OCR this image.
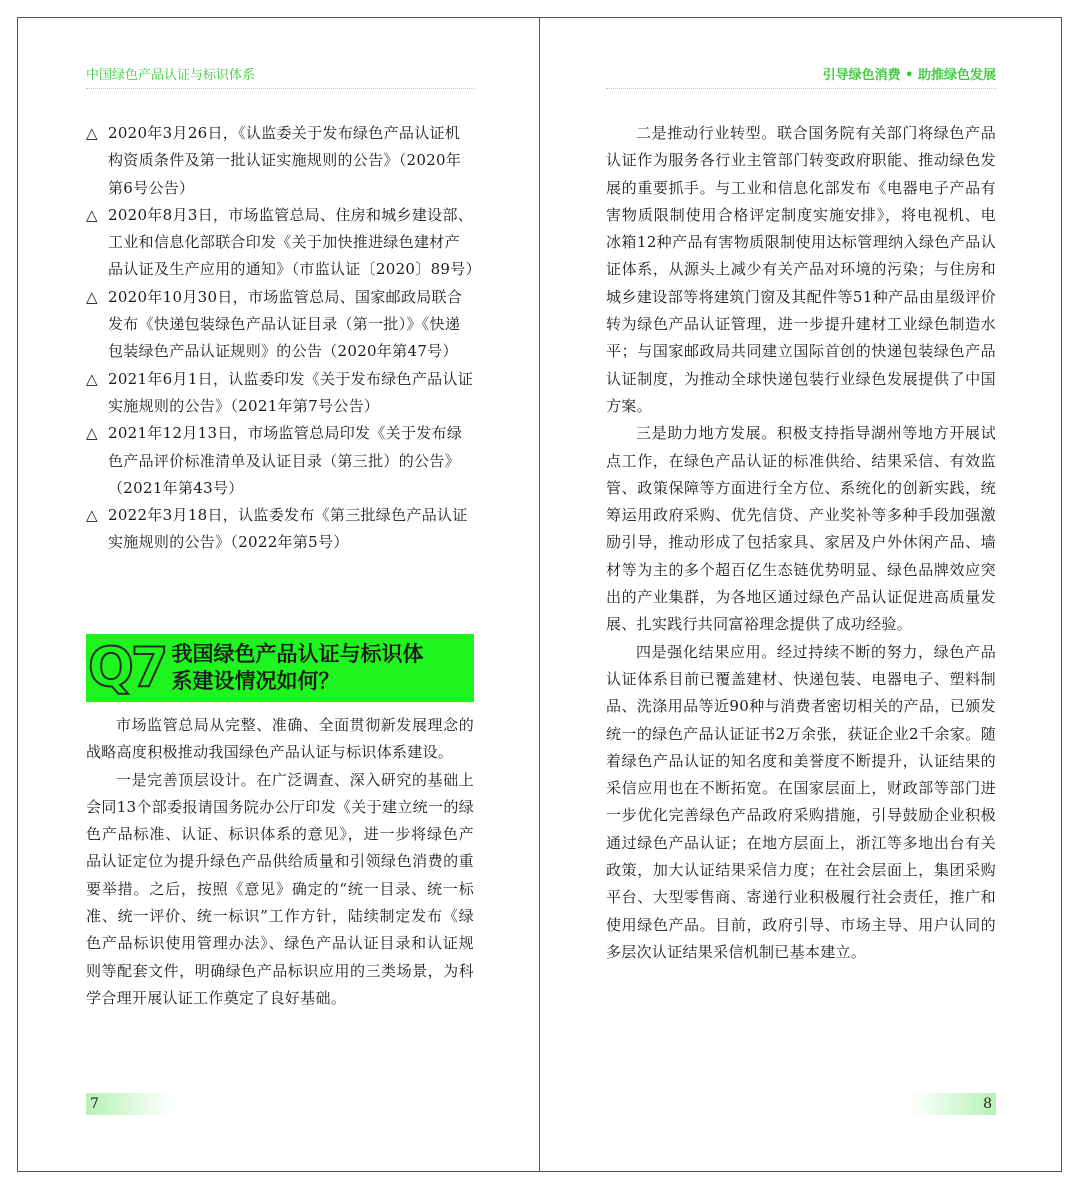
中国绿色产品认证与标识体系
△ 2020年3月26日，《认监委关于发布绿色产品认证机构资质条件及第一批认证实施规则的公告》（2020年第6号公告）
△ 2020年8月3日，市场监管总局、住房和城乡建设部、工业和信息化部联合印发《关于加快推进绿色建材产品认证及生产应用的通知》（市监认证〔2020〕89号）
△ 2020年10月30日，市场监管总局、国家邮政局联合发布《快递包装绿色产品认证目录（第一批）》《快递包装绿色产品认证规则》的公告（2020年第47号）
△ 2021年6月1日，认监委印发《关于发布绿色产品认证实施规则的公告》（2021年第7号公告）
△ 2021年12月13日，市场监管总局印发《关于发布绿色产品评价标准清单及认证目录（第三批）的公告》（2021年第43号）
△ 2022年3月18日，认监委发布《第三批绿色产品认证实施规则的公告》（2022年第5号）
Q7 我国绿色产品认证与标识体
系建设情况如何？

市场监管总局从完整、准确、全面贯彻新发展理念的战略高度积极推动我国绿色产品认证与标识体系建设。

一是完善顶层设计。在广泛调查、深入研究的基础上会同13个部委报请国务院办公厅印发《关于建立统一的绿色产品标准、认证、标识体系的意见》，进一步将绿色产品认证定位为提升绿色产品供给质量和引领绿色消费的重要举措。之后，按照《意见》确定的“统一目录、统一标准、统一评价、统一标识”工作方针，陆续制定发布《绿色产品标识使用管理办法》、绿色产品认证目录和认证规则等配套文件，明确绿色产品标识应用的三类场景，为科学合理开展认证工作奠定了良好基础。

7
引导绿色消费 • 助推绿色发展

二是推动行业转型。联合国务院有关部门将绿色产品认证作为服务各行业主管部门转变政府职能、推动绿色发展的重要抓手。与工业和信息化部发布《电器电子产品有害物质限制使用合格评定制度实施安排》，将电视机、电冰箱12种产品有害物质限制使用达标管理纳入绿色产品认证体系，从源头上减少有关产品对环境的污染；与住房和城乡建设部等将建筑门窗及其配件等51种产品由星级评价转为绿色产品认证管理，进一步提升建材工业绿色制造水平；与国家邮政局共同建立国际首创的快递包装绿色产品认证制度，为推动全球快递包装行业绿色发展提供了中国方案。

三是助力地方发展。积极支持指导湖州等地方开展试点工作，在绿色产品认证的标准供给、结果采信、有效监管、政策保障等方面进行全方位、系统化的创新实践，统筹运用政府采购、优先信贷、产业奖补等多种手段加强激励引导，推动形成了包括家具、家居及户外休闲产品、墙材等为主的多个超百亿生态链优势明显、绿色品牌效应突出的产业集群，为各地区通过绿色产品认证促进高质量发展、扎实践行共同富裕理念提供了成功经验。

四是强化结果应用。经过持续不断的努力，绿色产品认证体系目前已覆盖建材、快递包装、电器电子、塑料制品、洗涤用品等近90种与消费者密切相关的产品，已颁发统一的绿色产品认证证书2万余张，获证企业2千余家。随着绿色产品认证的知名度和美誉度不断提升，认证结果的采信应用也在不断拓宽。在国家层面上，财政部等部门进一步优化完善绿色产品政府采购措施，引导鼓励企业积极通过绿色产品认证；在地方层面上，浙江等多地出台有关政策，加大认证结果采信力度；在社会层面上，集团采购平台、大型零售商、寄递行业积极履行社会责任，推广和使用绿色产品。目前，政府引导、市场主导、用户认同的多层次认证结果采信机制已基本建立。

8
